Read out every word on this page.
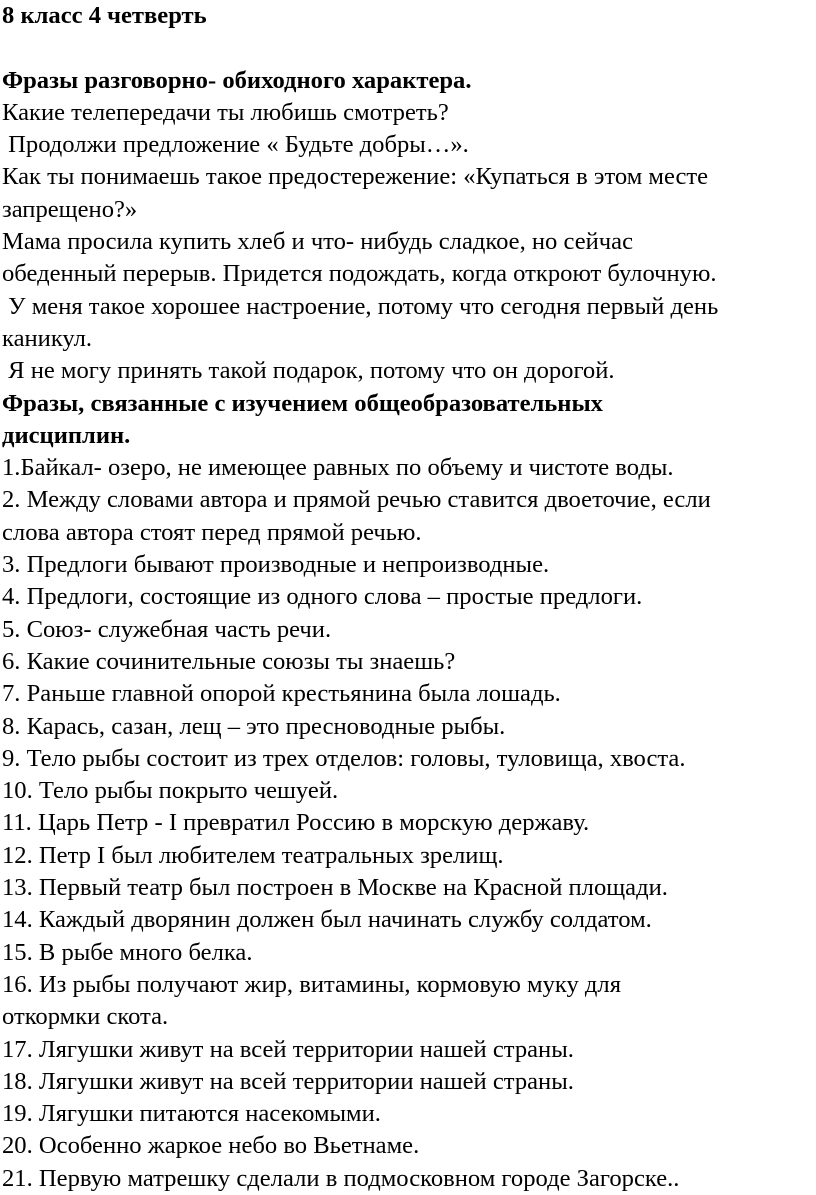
8 класс 4 четверть
Фразы разговорно- обиходного характера.
Какие телепередачи ты любишь смотреть?
Продолжи предложение « Будьте добры…».
Как ты понимаешь такое предостережение: «Купаться в этом месте
запрещено?»
Мама просила купить хлеб и что- нибудь сладкое, но сейчас
обеденный перерыв. Придется подождать, когда откроют булочную.
У меня такое хорошее настроение, потому что сегодня первый день
каникул.
Я не могу принять такой подарок, потому что он дорогой.
Фразы, связанные с изучением общеобразовательных
дисциплин.
1.Байкал- озеро, не имеющее равных по объему и чистоте воды.
2. Между словами автора и прямой речью ставится двоеточие, если
слова автора стоят перед прямой речью.
3. Предлоги бывают производные и непроизводные.
4. Предлоги, состоящие из одного слова – простые предлоги.
5. Союз- служебная часть речи.
6. Какие сочинительные союзы ты знаешь?
7. Раньше главной опорой крестьянина была лошадь.
8. Карась, сазан, лещ – это пресноводные рыбы.
9. Тело рыбы состоит из трех отделов: головы, туловища, хвоста.
10. Тело рыбы покрыто чешуей.
11. Царь Петр - I превратил Россию в морскую державу.
12. Петр I был любителем театральных зрелищ.
13. Первый театр был построен в Москве на Красной площади.
14. Каждый дворянин должен был начинать службу солдатом.
15. В рыбе много белка.
16. Из рыбы получают жир, витамины, кормовую муку для
откормки скота.
17. Лягушки живут на всей территории нашей страны.
18. Лягушки живут на всей территории нашей страны.
19. Лягушки питаются насекомыми.
20. Особенно жаркое небо во Вьетнаме.
21. Первую матрешку сделали в подмосковном городе Загорске..
